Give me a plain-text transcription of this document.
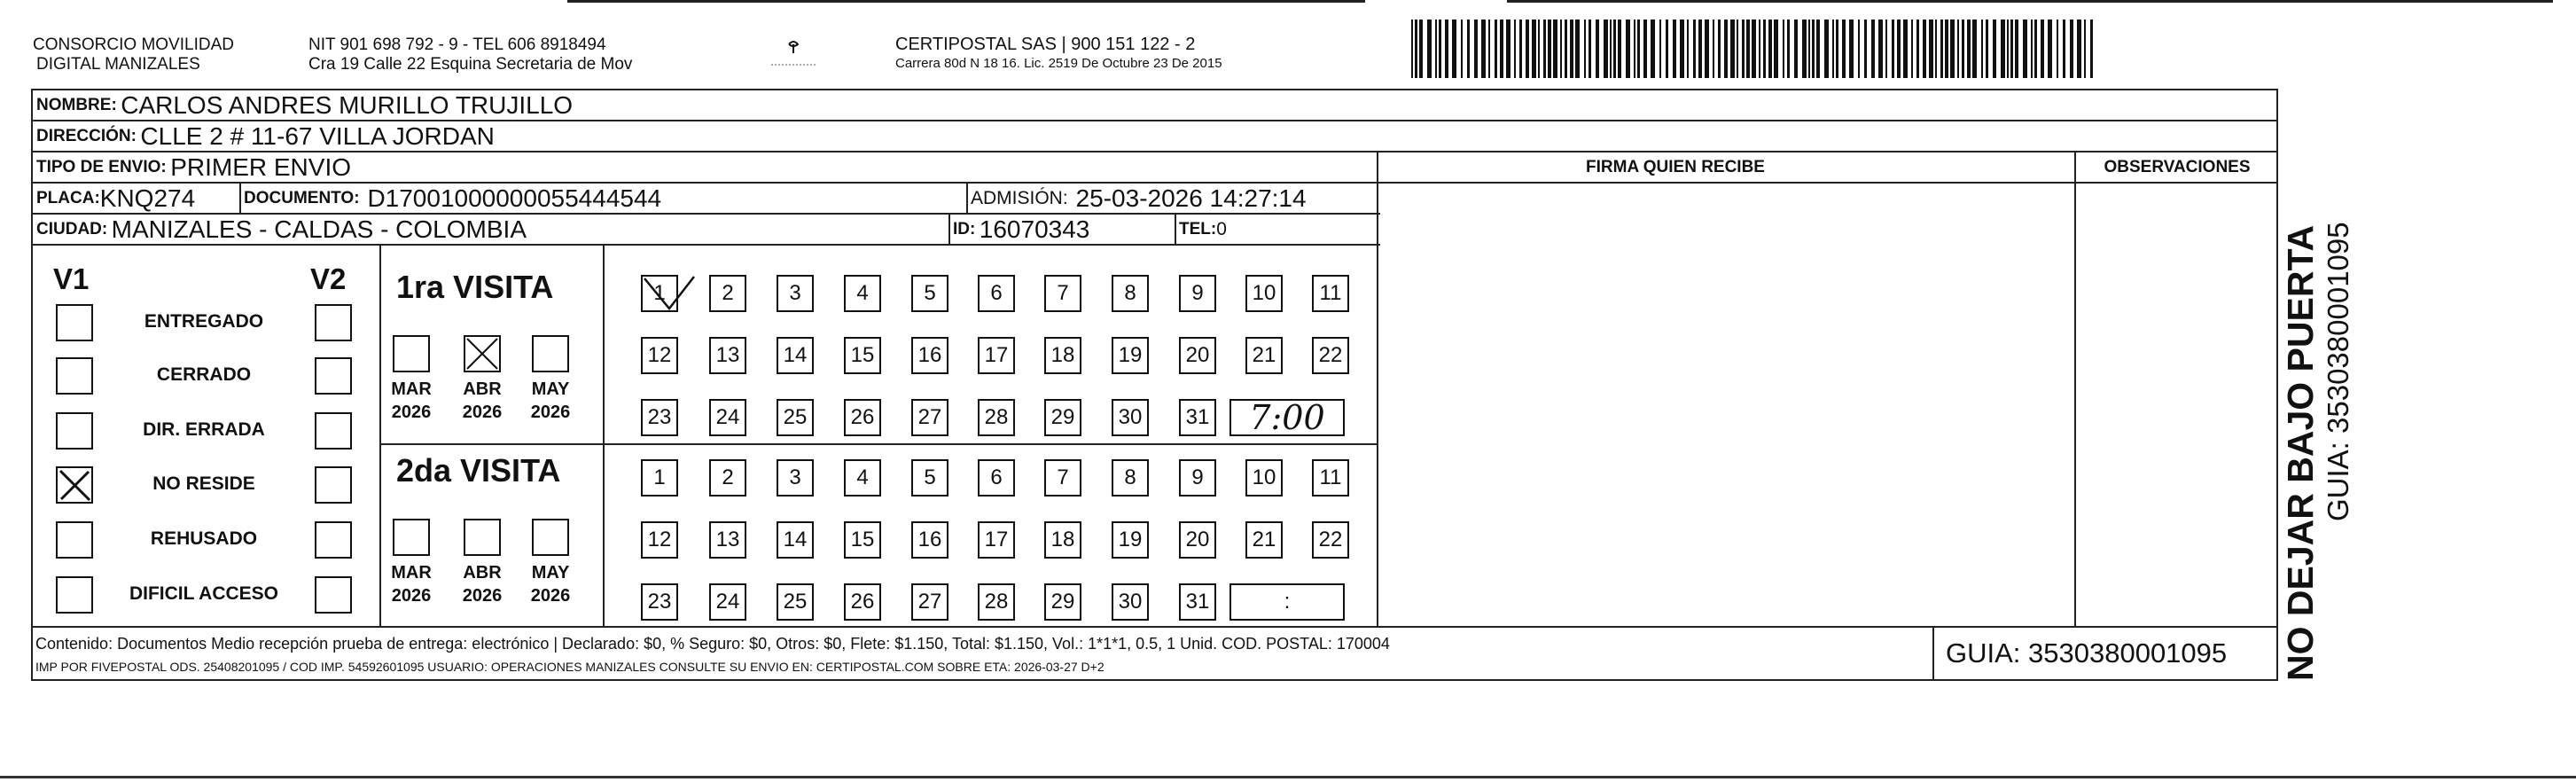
CONSORCIO MOVILIDAD
DIGITAL MANIZALES
NIT 901 698 792 - 9 - TEL 606 8918494
Cra 19 Calle 22 Esquina Secretaria de Mov
CERTIPOSTAL SAS | 900 151 122 - 2
Carrera 80d N 18 16. Lic. 2519 De Octubre 23 De 2015
NOMBRE:
CARLOS ANDRES MURILLO TRUJILLO
DIRECCIÓN:
CLLE 2 # 11-67 VILLA JORDAN
TIPO DE ENVIO:
PRIMER ENVIO	FIRMA QUIEN RECIBE	OBSERVACIONES
PLACA: KNQ274	DOCUMENTO:
D17001000000055444544	ADMISIÓN:
25-03-2026 14:27:14
CIUDAD:
MANIZALES - CALDAS - COLOMBIA	ID:
16070343	TEL: 0
V1	V2
ENTREGADO
CERRADO
DIR. ERRADA
NO RESIDE
REHUSADO
DIFICIL ACCESO
1ra VISITA
2da VISITA
MAR
2026
ABR
2026
MAY
2026
MAR
2026
ABR
2026
MAY
2026
1	2	3	4	5	6	7	8	9 10 11
12 13 14 15 16 17 18 19 20 21 22
23 24 25 26 27 28 29 30 31 7:00
1	2	3	4	5	6	7	8	9 10 11
12 13 14 15 16 17 18 19 20 21 22
23 24 25 26 27 28 29 30 31	:
Contenido: Documentos Medio recepción prueba de entrega: electrónico | Declarado: $0, % Seguro: $0, Otros: $0, Flete: $1.150, Total: $1.150, Vol.: 1*1*1, 0.5, 1 Unid. COD. POSTAL: 170004
IMP POR FIVEPOSTAL ODS. 25408201095 / COD IMP. 54592601095 USUARIO: OPERACIONES MANIZALES CONSULTE SU ENVIO EN: CERTIPOSTAL.COM SOBRE ETA: 2026-03-27 D+2	GUIA: 3530380001095 NO DEJAR BAJO PUERTA GUIA: 3530380001095
